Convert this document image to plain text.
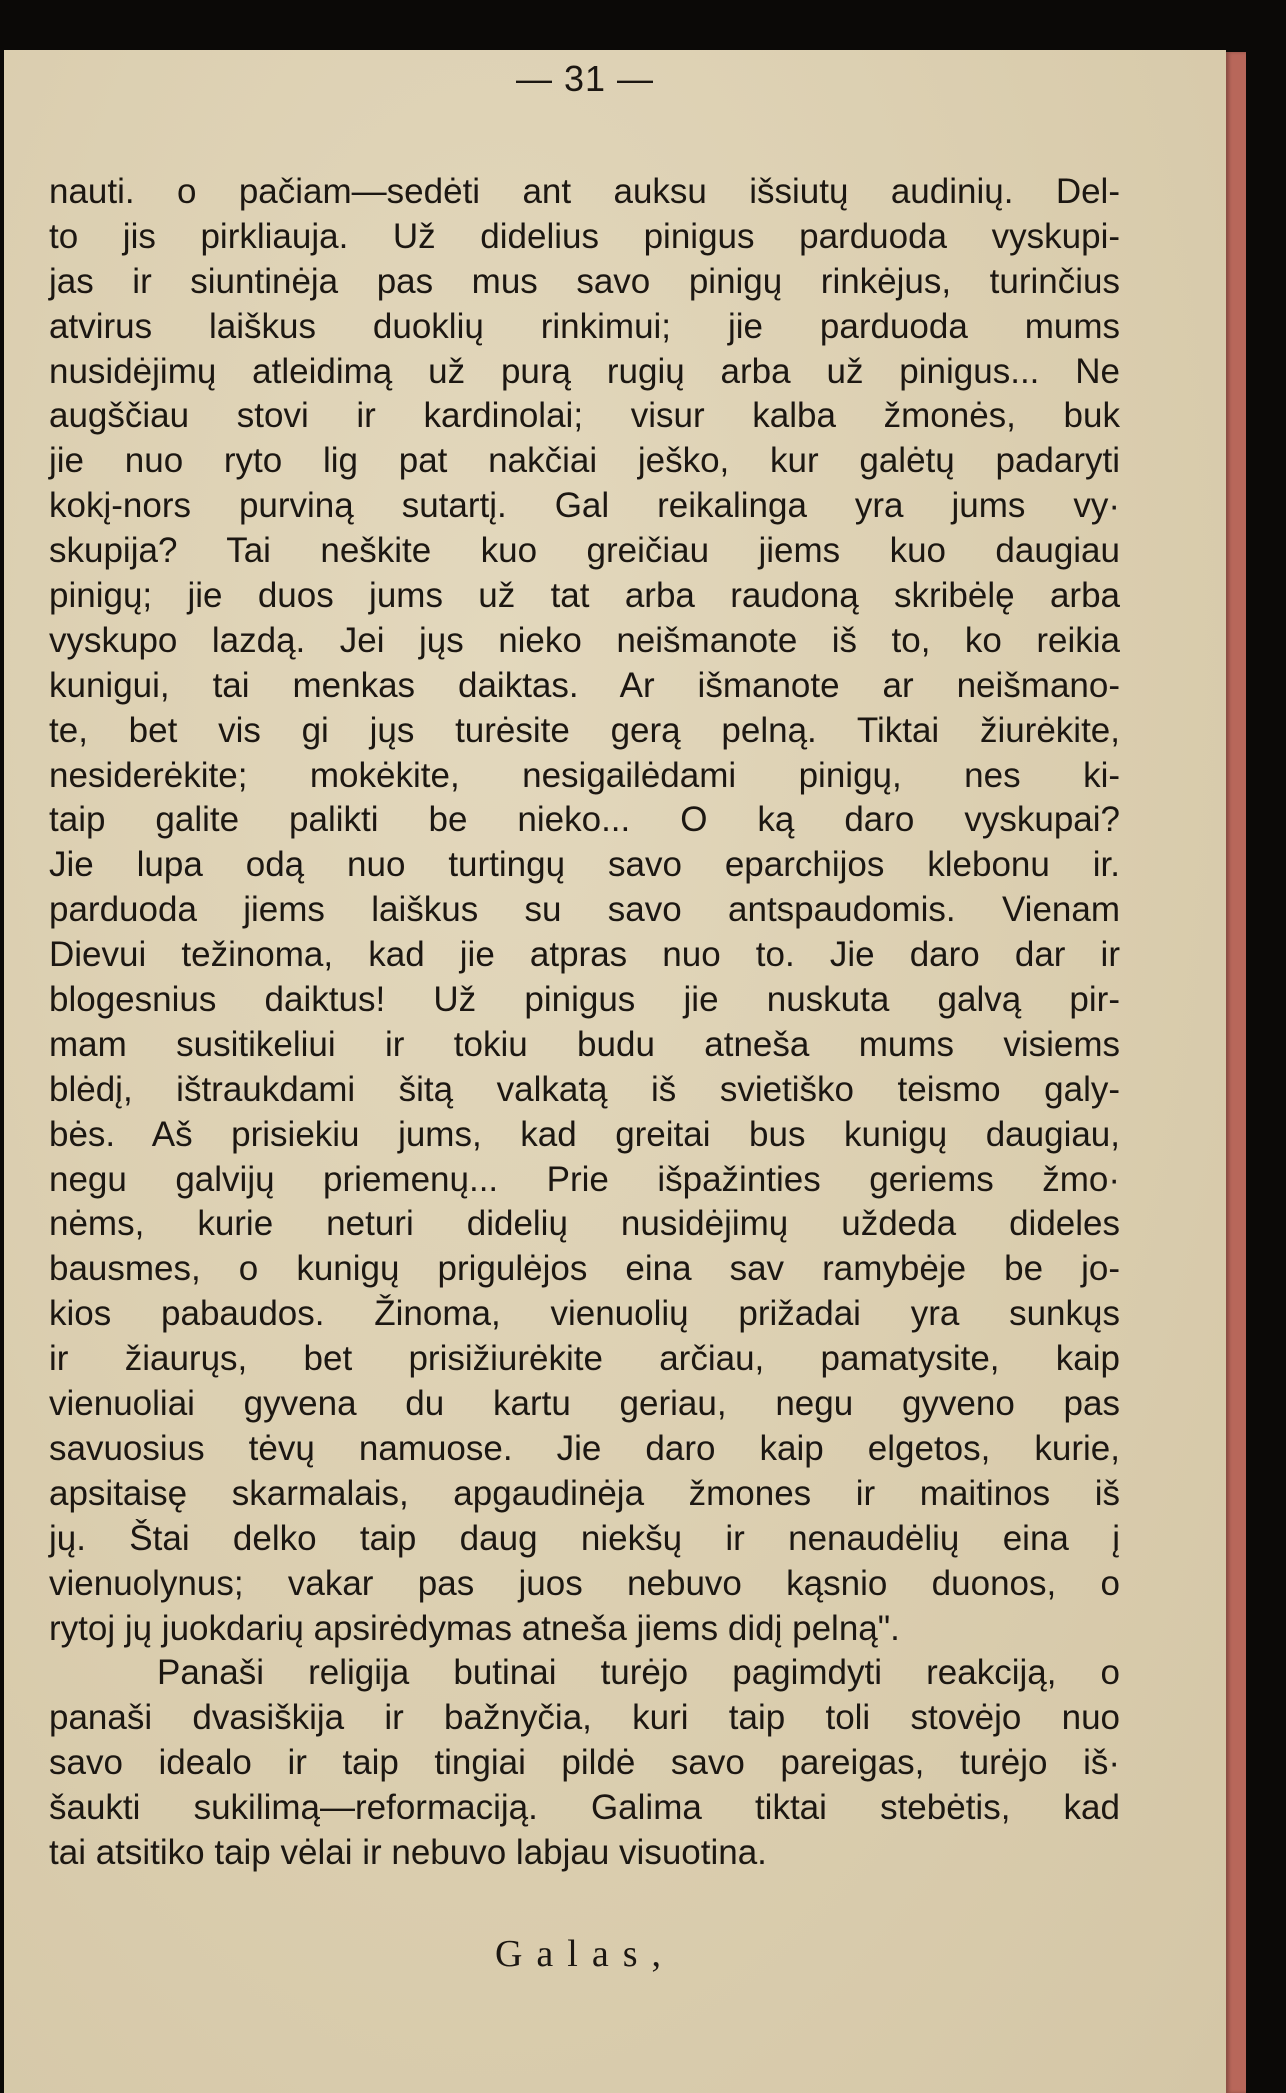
— 31 —
nauti. o pačiam—sedėti ant auksu išsiutų audinių. Del-
to jis pirkliauja. Už didelius pinigus parduoda vyskupi-
jas ir siuntinėja pas mus savo pinigų rinkėjus, turinčius
atvirus laiškus duoklių rinkimui; jie parduoda mums
nusidėjimų atleidimą už purą rugių arba už pinigus... Ne
augščiau stovi ir kardinolai; visur kalba žmonės, buk
jie nuo ryto lig pat nakčiai ješko, kur galėtų padaryti
kokį-nors purviną sutartį. Gal reikalinga yra jums vy·
skupija? Tai neškite kuo greičiau jiems kuo daugiau
pinigų; jie duos jums už tat arba raudoną skribėlę arba
vyskupo lazdą. Jei jųs nieko neišmanote iš to, ko reikia
kunigui, tai menkas daiktas. Ar išmanote ar neišmano-
te, bet vis gi jųs turėsite gerą pelną. Tiktai žiurėkite,
nesiderėkite; mokėkite, nesigailėdami pinigų, nes ki-
taip galite palikti be nieko... O ką daro vyskupai?
Jie lupa odą nuo turtingų savo eparchijos klebonu ir.
parduoda jiems laiškus su savo antspaudomis. Vienam
Dievui težinoma, kad jie atpras nuo to. Jie daro dar ir
blogesnius daiktus! Už pinigus jie nuskuta galvą pir-
mam susitikeliui ir tokiu budu atneša mums visiems
blėdį, ištraukdami šitą valkatą iš svietiško teismo galy-
bės. Aš prisiekiu jums, kad greitai bus kunigų daugiau,
negu galvijų priemenų... Prie išpažinties geriems žmo·
nėms, kurie neturi didelių nusidėjimų uždeda dideles
bausmes, o kunigų prigulėjos eina sav ramybėje be jo-
kios pabaudos. Žinoma, vienuolių prižadai yra sunkųs
ir žiaurųs, bet prisižiurėkite arčiau, pamatysite, kaip
vienuoliai gyvena du kartu geriau, negu gyveno pas
savuosius tėvų namuose. Jie daro kaip elgetos, kurie,
apsitaisę skarmalais, apgaudinėja žmones ir maitinos iš
jų. Štai delko taip daug niekšų ir nenaudėlių eina į
vienuolynus; vakar pas juos nebuvo kąsnio duonos, o
rytoj jų juokdarių apsirėdymas atneša jiems didį pelną".
Panaši religija butinai turėjo pagimdyti reakciją, o
panaši dvasiškija ir bažnyčia, kuri taip toli stovėjo nuo
savo idealo ir taip tingiai pildė savo pareigas, turėjo iš·
šaukti sukilimą—reformaciją. Galima tiktai stebėtis, kad
tai atsitiko taip vėlai ir nebuvo labjau visuotina.
Galas,
